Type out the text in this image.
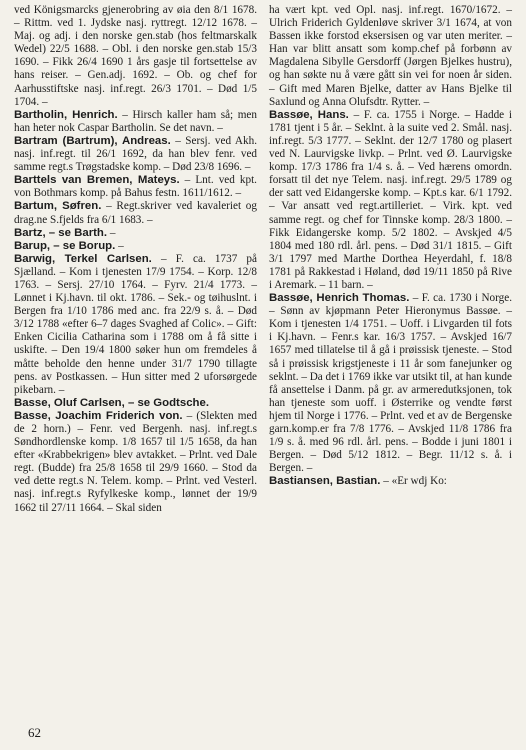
ved Königsmarcks gjenerobring av øia den 8/1 1678. – Rittm. ved 1. Jydske nasj. ryttregt. 12/12 1678. – Maj. og adj. i den norske gen.stab (hos feltmarskalk Wedel) 22/5 1688. – Obl. i den norske gen.stab 15/3 1690. – Fikk 26/4 1690 1 års gasje til fortsettelse av hans reiser. – Gen.adj. 1692. – Ob. og chef for Aarhusstiftske nasj. inf.regt. 26/3 1701. – Død 1/5 1704. –

Bartholin, Henrich. – Hirsch kaller ham så; men han heter nok Caspar Bartholin. Se det navn. –

Bartram (Bartrum), Andreas. – Sersj. ved Akh. nasj. inf.regt. til 26/1 1692, da han blev fenr. ved samme regt.s Trøgstadske komp. – Død 23/8 1696. –

Barttels van Bremen, Mateys. – Lnt. ved kpt. von Bothmars komp. på Bahus festn. 1611/1612. –

Bartum, Søfren. – Regt.skriver ved kavaleriet og drag.ne S.fjelds fra 6/1 1683. –

Bartz, – se Barth. –

Barup, – se Borup. –

Barwig, Terkel Carlsen. – F. ca. 1737 på Sjælland. – Kom i tjenesten 17/9 1754. – Korp. 12/8 1763. – Sersj. 27/10 1764. – Fyrv. 21/4 1773. – Lønnet i Kj.havn. til okt. 1786. – Sek.- og tøihuslnt. i Bergen fra 1/10 1786 med anc. fra 22/9 s. å. – Død 3/12 1788 «efter 6–7 dages Svaghed af Colic». – Gift: Enken Cicilia Catharina som i 1788 om å få sitte i uskifte. – Den 19/4 1800 søker hun om fremdeles å måtte beholde den henne under 31/7 1790 tillagte pens. av Postkassen. – Hun sitter med 2 uforsørgede pikebarn. –

Basse, Oluf Carlsen, – se Godtsche.

Basse, Joachim Friderich von. – (Slekten med de 2 horn.) – Fenr. ved Bergenh. nasj. inf.regt.s Søndhordlenske komp. 1/8 1657 til 1/5 1658, da han efter «Krabbekrigen» blev avtakket. – Prlnt. ved Dale regt. (Budde) fra 25/8 1658 til 29/9 1660. – Stod da ved dette regt.s N. Telem. komp. – Prlnt. ved Vesterl. nasj. inf.regt.s Ryfylkeske komp., lønnet der 19/9 1662 til 27/11 1664. – Skal siden

ha vært kpt. ved Opl. nasj. inf.regt. 1670/1672. – Ulrich Friderich Gyldenløve skriver 3/1 1674, at von Bassen ikke forstod eksersisen og var uten meriter. – Han var blitt ansatt som komp.chef på forbønn av Magdalena Sibylle Gersdorff (Jørgen Bjelkes hustru), og han søkte nu å være gått sin vei for noen år siden. – Gift med Maren Bjelke, datter av Hans Bjelke til Saxlund og Anna Olufsdtr. Rytter. –

Bassøe, Hans. – F. ca. 1755 i Norge. – Hadde i 1781 tjent i 5 år. – Seklnt. à la suite ved 2. Smål. nasj. inf.regt. 5/3 1777. – Seklnt. der 12/7 1780 og plasert ved N. Laurvigske livkp. – Prlnt. ved Ø. Laurvigske komp. 17/3 1786 fra 1/4 s. å. – Ved hærens omordn. forsatt til det nye Telem. nasj. inf.regt. 29/5 1789 og der satt ved Eidangerske komp. – Kpt.s kar. 6/1 1792. – Var ansatt ved regt.artilleriet. – Virk. kpt. ved samme regt. og chef for Tinnske komp. 28/3 1800. – Fikk Eidangerske komp. 5/2 1802. – Avskjed 4/5 1804 med 180 rdl. årl. pens. – Død 31/1 1815. – Gift 3/1 1797 med Marthe Dorthea Heyerdahl, f. 18/8 1781 på Rakkestad i Høland, død 19/11 1850 på Rive i Aremark. – 11 barn. –

Bassøe, Henrich Thomas. – F. ca. 1730 i Norge. – Sønn av kjøpmann Peter Hieronymus Bassøe. – Kom i tjenesten 1/4 1751. – Uoff. i Livgarden til fots i Kj.havn. – Fenr.s kar. 16/3 1757. – Avskjed 16/7 1657 med tillatelse til å gå i prøissisk tjeneste. – Stod så i prøissisk krigstjeneste i 11 år som fanejunker og seklnt. – Da det i 1769 ikke var utsikt til, at han kunde få ansettelse i Danm. på gr. av armeredutksjonen, tok han tjeneste som uoff. i Østerrike og vendte først hjem til Norge i 1776. – Prlnt. ved et av de Bergenske garn.komp.er fra 7/8 1776. – Avskjed 11/8 1786 fra 1/9 s. å. med 96 rdl. årl. pens. – Bodde i juni 1801 i Bergen. – Død 5/12 1812. – Begr. 11/12 s. å. i Bergen. –

Bastiansen, Bastian. – «Er wdj Ko:

62
